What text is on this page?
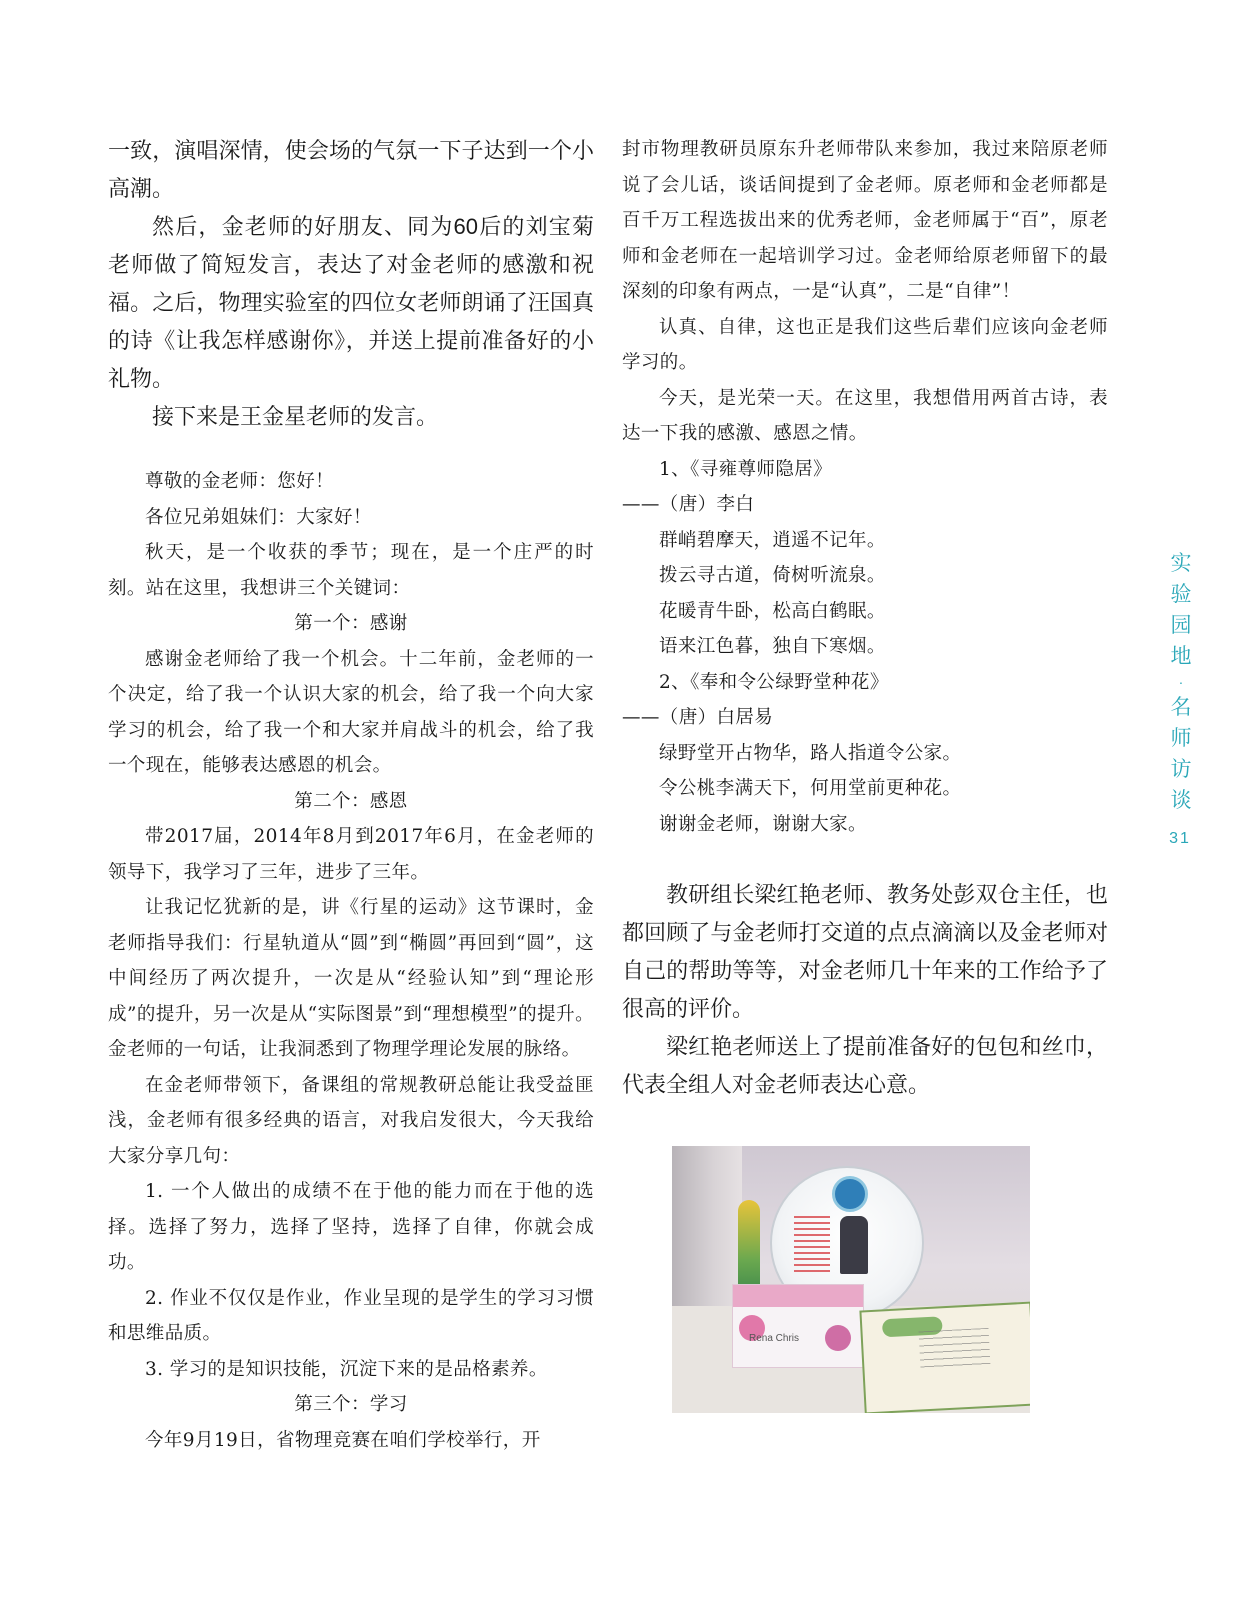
一致，演唱深情，使会场的气氛一下子达到一个小高潮。

然后，金老师的好朋友、同为60后的刘宝菊老师做了简短发言，表达了对金老师的感激和祝福。之后，物理实验室的四位女老师朗诵了汪国真的诗《让我怎样感谢你》，并送上提前准备好的小礼物。

接下来是王金星老师的发言。

尊敬的金老师：您好！

各位兄弟姐妹们：大家好！

秋天，是一个收获的季节；现在，是一个庄严的时刻。站在这里，我想讲三个关键词：

第一个：感谢

感谢金老师给了我一个机会。十二年前，金老师的一个决定，给了我一个认识大家的机会，给了我一个向大家学习的机会，给了我一个和大家并肩战斗的机会，给了我一个现在，能够表达感恩的机会。

第二个：感恩

带2017届，2014年8月到2017年6月，在金老师的领导下，我学习了三年，进步了三年。

让我记忆犹新的是，讲《行星的运动》这节课时，金老师指导我们：行星轨道从“圆”到“椭圆”再回到“圆”，这中间经历了两次提升，一次是从“经验认知”到“理论形成”的提升，另一次是从“实际图景”到“理想模型”的提升。金老师的一句话，让我洞悉到了物理学理论发展的脉络。

在金老师带领下，备课组的常规教研总能让我受益匪浅，金老师有很多经典的语言，对我启发很大，今天我给大家分享几句：

1. 一个人做出的成绩不在于他的能力而在于他的选择。选择了努力，选择了坚持，选择了自律，你就会成功。

2. 作业不仅仅是作业，作业呈现的是学生的学习习惯和思维品质。

3. 学习的是知识技能，沉淀下来的是品格素养。

第三个：学习

今年9月19日，省物理竞赛在咱们学校举行，开

封市物理教研员原东升老师带队来参加，我过来陪原老师说了会儿话，谈话间提到了金老师。原老师和金老师都是百千万工程选拔出来的优秀老师，金老师属于“百”，原老师和金老师在一起培训学习过。金老师给原老师留下的最深刻的印象有两点，一是“认真”，二是“自律”！

认真、自律，这也正是我们这些后辈们应该向金老师学习的。

今天，是光荣一天。在这里，我想借用两首古诗，表达一下我的感激、感恩之情。

1、《寻雍尊师隐居》

——（唐）李白

群峭碧摩天，逍遥不记年。

拨云寻古道，倚树听流泉。

花暖青牛卧，松高白鹤眠。

语来江色暮，独自下寒烟。

2、《奉和令公绿野堂种花》

——（唐）白居易

绿野堂开占物华，路人指道令公家。

令公桃李满天下，何用堂前更种花。

谢谢金老师，谢谢大家。

教研组长梁红艳老师、教务处彭双仓主任，也都回顾了与金老师打交道的点点滴滴以及金老师对自己的帮助等等，对金老师几十年来的工作给予了很高的评价。

梁红艳老师送上了提前准备好的包包和丝巾，代表全组人对金老师表达心意。

Rena Chris
实
验
园
地
·
名
师
访
谈
31
